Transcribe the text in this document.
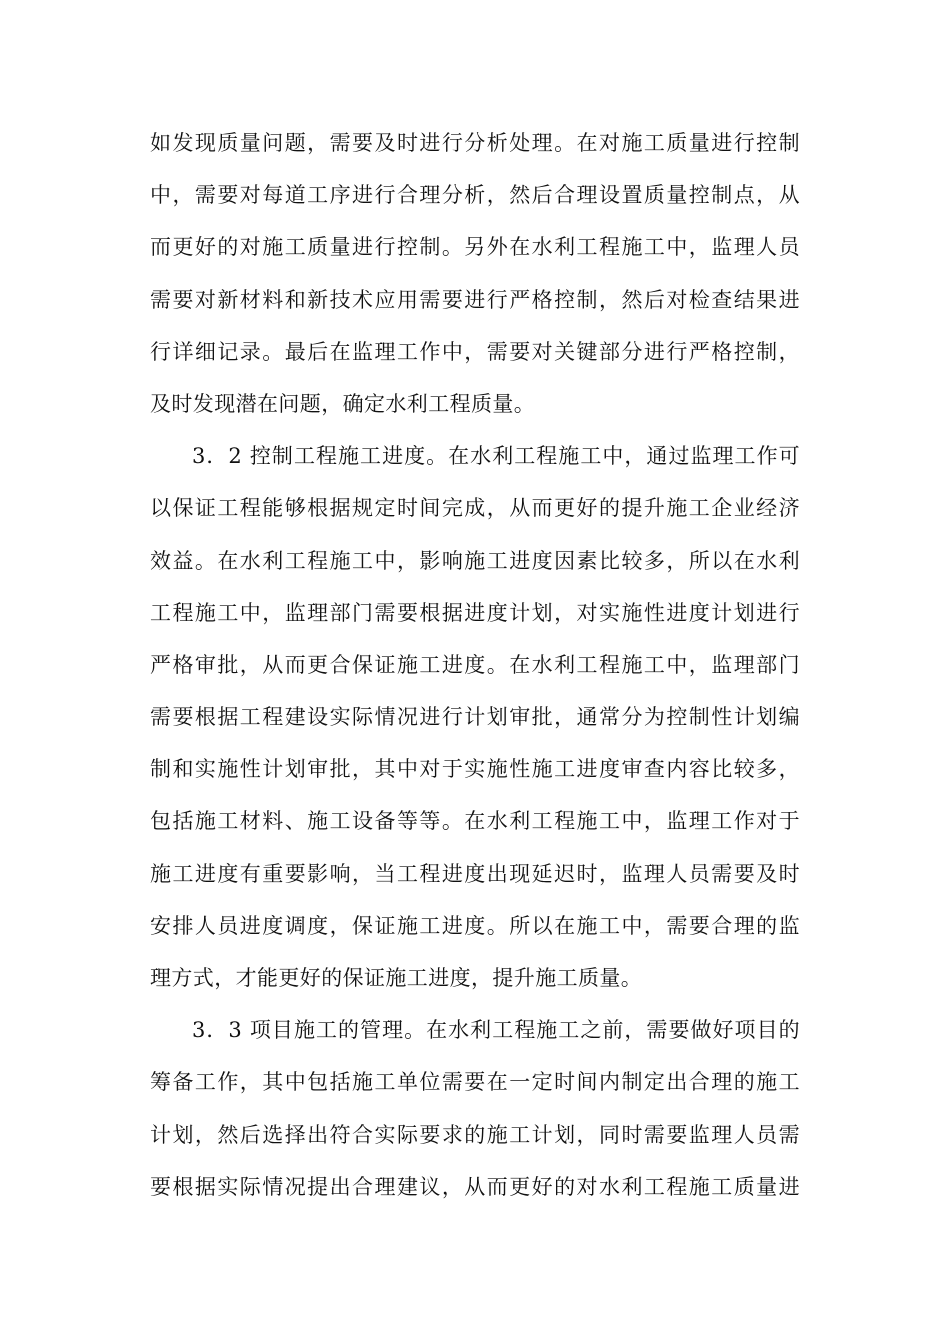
如发现质量问题，需要及时进行分析处理。在对施工质量进行控制
中，需要对每道工序进行合理分析，然后合理设置质量控制点，从
而更好的对施工质量进行控制。另外在水利工程施工中，监理人员
需要对新材料和新技术应用需要进行严格控制，然后对检查结果进
行详细记录。最后在监理工作中，需要对关键部分进行严格控制，
及时发现潜在问题，确定水利工程质量。
3．2 控制工程施工进度。在水利工程施工中，通过监理工作可
以保证工程能够根据规定时间完成，从而更好的提升施工企业经济
效益。在水利工程施工中，影响施工进度因素比较多，所以在水利
工程施工中，监理部门需要根据进度计划，对实施性进度计划进行
严格审批，从而更合保证施工进度。在水利工程施工中，监理部门
需要根据工程建设实际情况进行计划审批，通常分为控制性计划编
制和实施性计划审批，其中对于实施性施工进度审查内容比较多，
包括施工材料、施工设备等等。在水利工程施工中，监理工作对于
施工进度有重要影响，当工程进度出现延迟时，监理人员需要及时
安排人员进度调度，保证施工进度。所以在施工中，需要合理的监
理方式，才能更好的保证施工进度，提升施工质量。
3．3 项目施工的管理。在水利工程施工之前，需要做好项目的
筹备工作，其中包括施工单位需要在一定时间内制定出合理的施工
计划，然后选择出符合实际要求的施工计划，同时需要监理人员需
要根据实际情况提出合理建议，从而更好的对水利工程施工质量进
